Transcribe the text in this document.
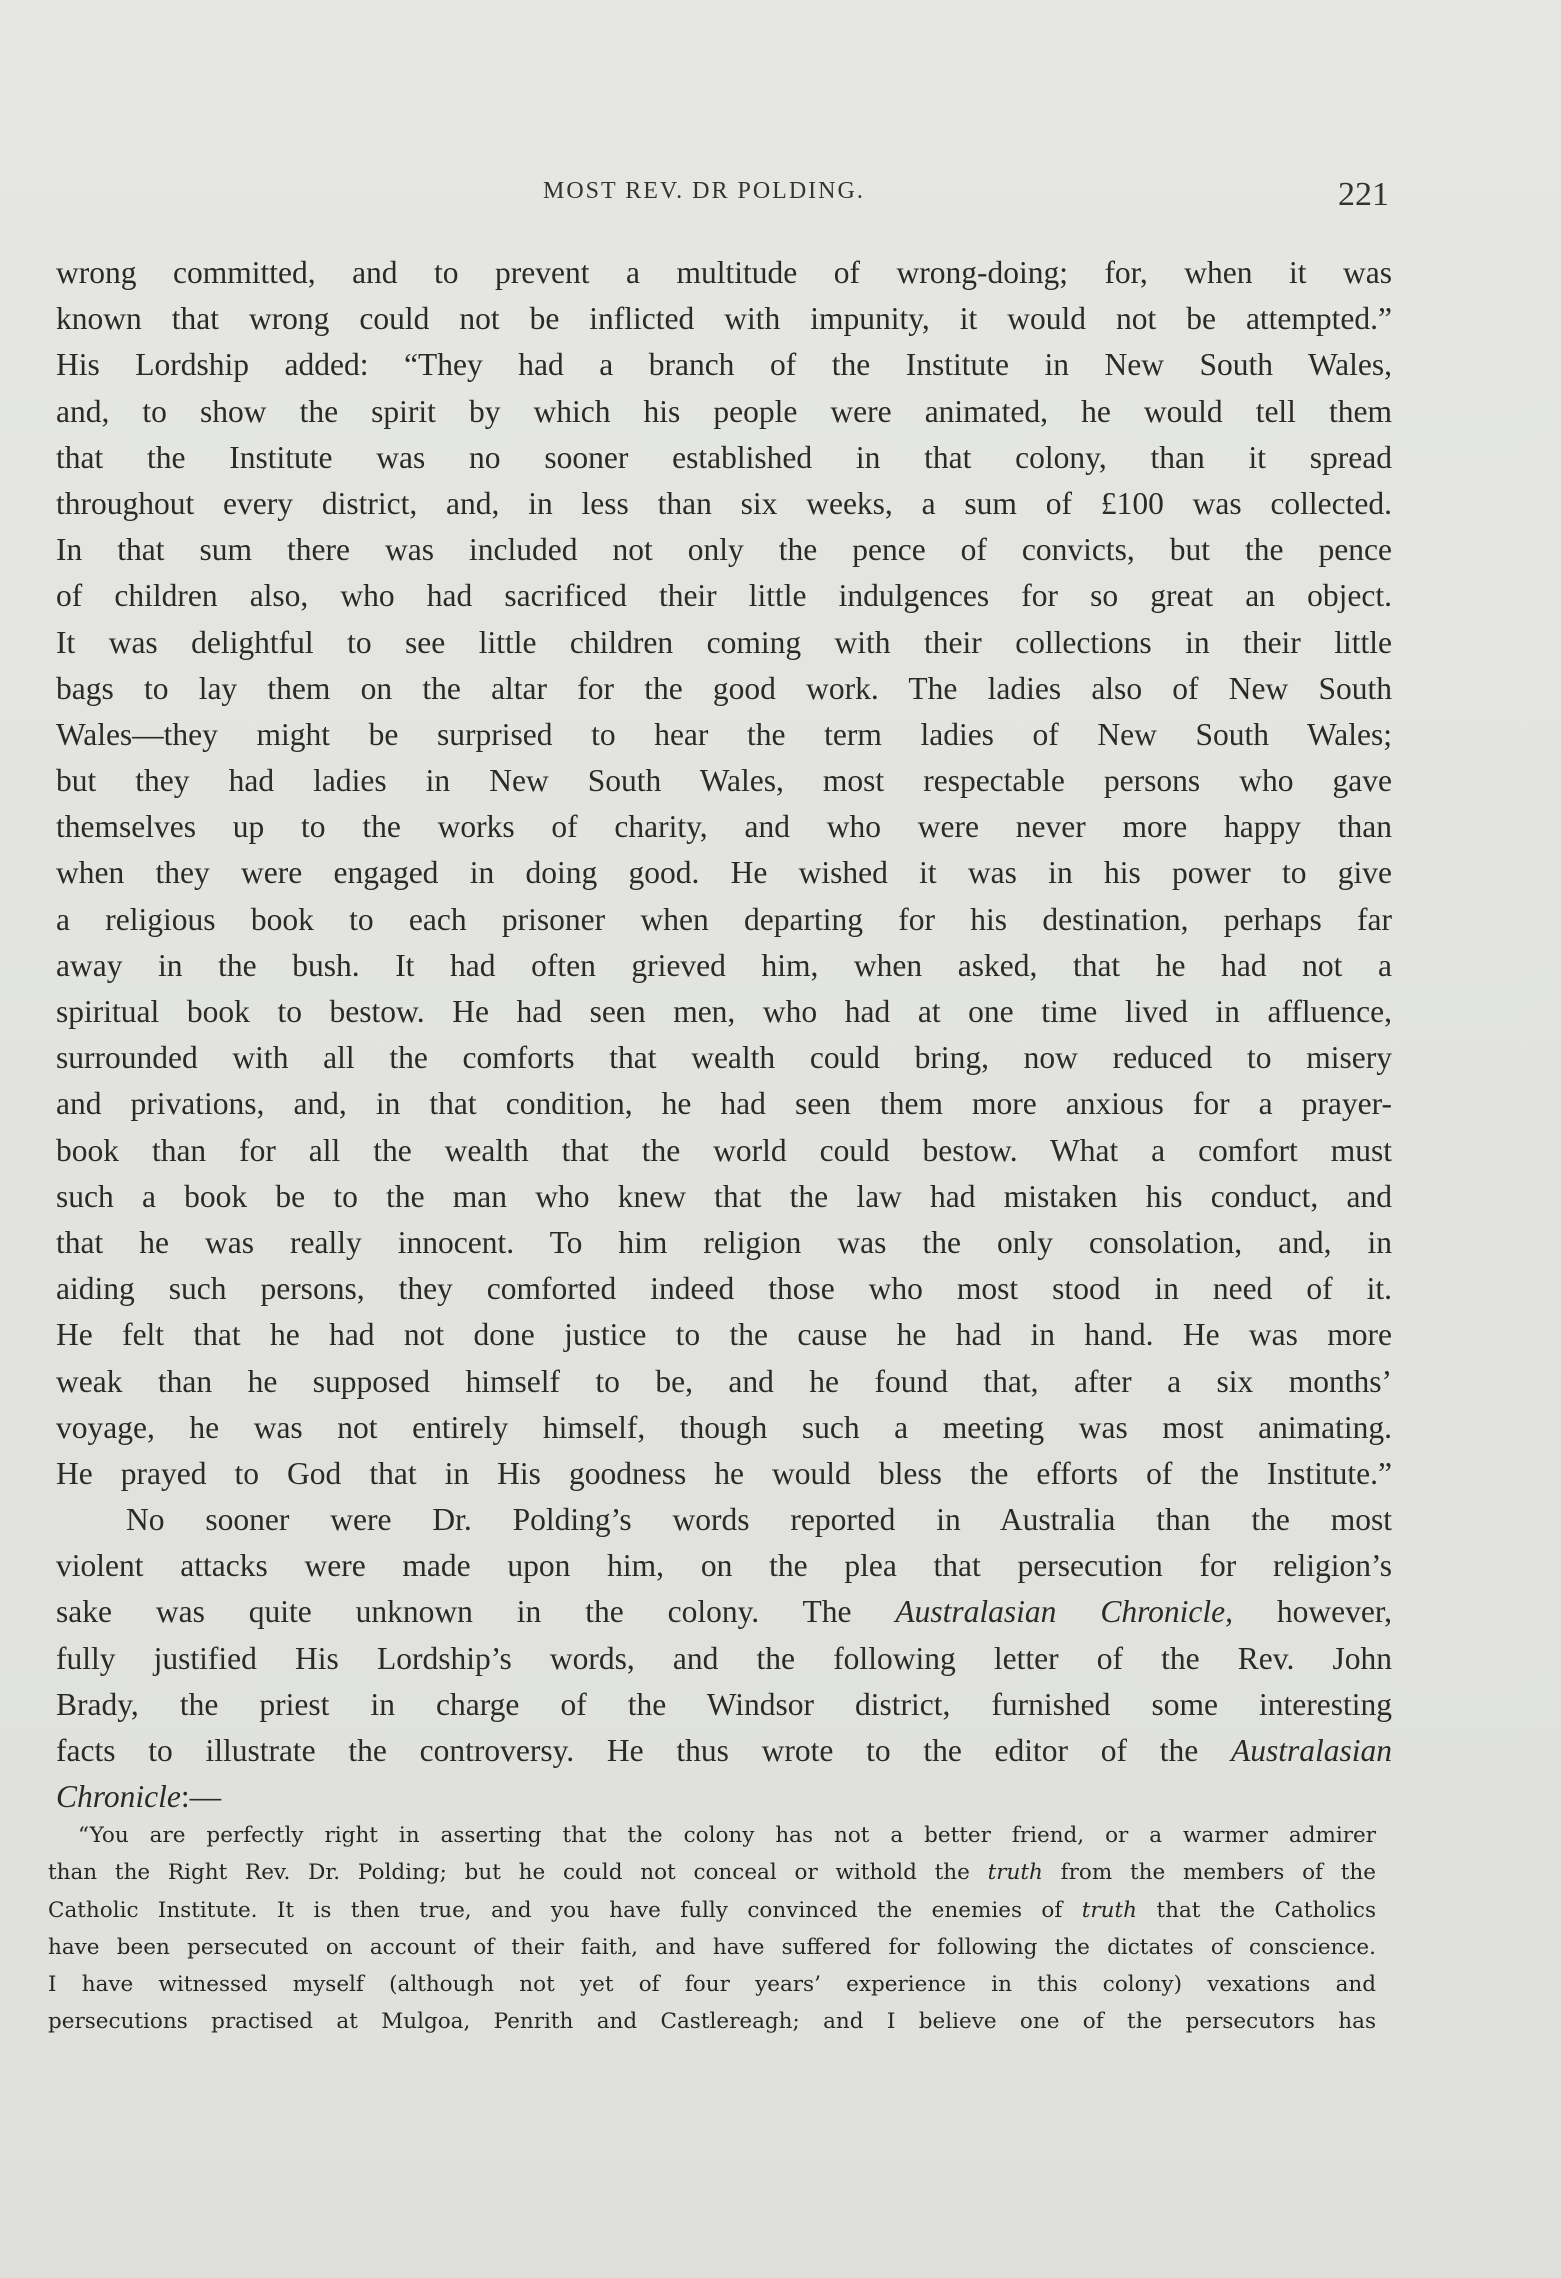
MOST REV. DR POLDING.	221
wrong committed, and to prevent a multitude of wrong-doing; for, when it was
known that wrong could not be inflicted with impunity, it would not be attempted.”
His Lordship added: “They had a branch of the Institute in New South Wales,
and, to show the spirit by which his people were animated, he would tell them
that the Institute was no sooner established in that colony, than it spread
throughout every district, and, in less than six weeks, a sum of £100 was collected.
In that sum there was included not only the pence of convicts, but the pence
of children also, who had sacrificed their little indulgences for so great an object.
It was delightful to see little children coming with their collections in their little
bags to lay them on the altar for the good work. The ladies also of New South
Wales—they might be surprised to hear the term ladies of New South Wales;
but they had ladies in New South Wales, most respectable persons who gave
themselves up to the works of charity, and who were never more happy than
when they were engaged in doing good. He wished it was in his power to give
a religious book to each prisoner when departing for his destination, perhaps far
away in the bush. It had often grieved him, when asked, that he had not a
spiritual book to bestow. He had seen men, who had at one time lived in affluence,
surrounded with all the comforts that wealth could bring, now reduced to misery
and privations, and, in that condition, he had seen them more anxious for a prayer-
book than for all the wealth that the world could bestow. What a comfort must
such a book be to the man who knew that the law had mistaken his conduct, and
that he was really innocent. To him religion was the only consolation, and, in
aiding such persons, they comforted indeed those who most stood in need of it.
He felt that he had not done justice to the cause he had in hand. He was more
weak than he supposed himself to be, and he found that, after a six months’
voyage, he was not entirely himself, though such a meeting was most animating.
He prayed to God that in His goodness he would bless the efforts of the Institute.”
No sooner were Dr. Polding’s words reported in Australia than the most
violent attacks were made upon him, on the plea that persecution for religion’s
sake was quite unknown in the colony. The Australasian Chronicle, however,
fully justified His Lordship’s words, and the following letter of the Rev. John
Brady, the priest in charge of the Windsor district, furnished some interesting
facts to illustrate the controversy. He thus wrote to the editor of the Australasian
Chronicle:—
“You are perfectly right in asserting that the colony has not a better friend, or a warmer admirer
than the Right Rev. Dr. Polding; but he could not conceal or withold the truth from the members of the
Catholic Institute. It is then true, and you have fully convinced the enemies of truth that the Catholics
have been persecuted on account of their faith, and have suffered for following the dictates of conscience.
I have witnessed myself (although not yet of four years’ experience in this colony) vexations and
persecutions practised at Mulgoa, Penrith and Castlereagh; and I believe one of the persecutors has
